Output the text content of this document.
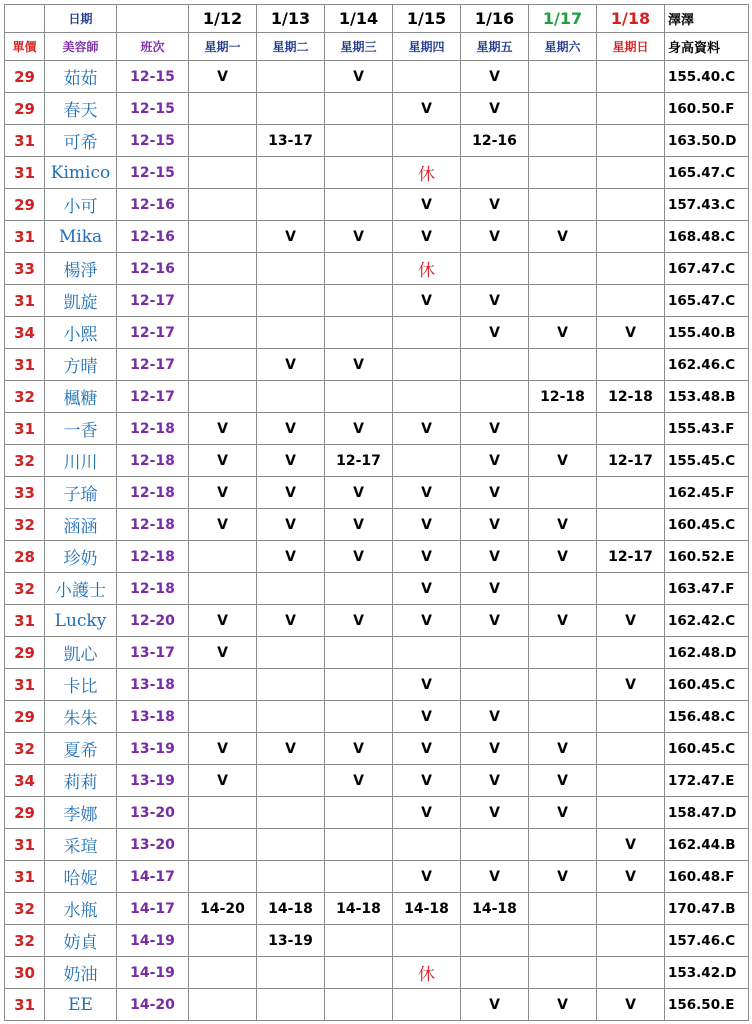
	日期		1/12	1/13	1/14	1/15	1/16	1/17	1/18	澤澤
單價	美容師	班次	星期一	星期二	星期三	星期四	星期五	星期六	星期日	身高資料
29	茹茹	12-15	V		V		V			155.40.C
29	春天	12-15				V	V			160.50.F
31	可希	12-15		13-17			12-16			163.50.D
31	Kimico	12-15				休				165.47.C
29	小可	12-16				V	V			157.43.C
31	Mika	12-16		V	V	V	V	V		168.48.C
33	楊淨	12-16				休				167.47.C
31	凱旋	12-17				V	V			165.47.C
34	小熙	12-17					V	V	V	155.40.B
31	方晴	12-17		V	V					162.46.C
32	楓糖	12-17						12-18	12-18	153.48.B
31	一香	12-18	V	V	V	V	V			155.43.F
32	川川	12-18	V	V	12-17		V	V	12-17	155.45.C
33	子瑜	12-18	V	V	V	V	V			162.45.F
32	涵涵	12-18	V	V	V	V	V	V		160.45.C
28	珍奶	12-18		V	V	V	V	V	12-17	160.52.E
32	小護士	12-18				V	V			163.47.F
31	Lucky	12-20	V	V	V	V	V	V	V	162.42.C
29	凱心	13-17	V							162.48.D
31	卡比	13-18				V			V	160.45.C
29	朱朱	13-18				V	V			156.48.C
32	夏希	13-19	V	V	V	V	V	V		160.45.C
34	莉莉	13-19	V		V	V	V	V		172.47.E
29	李娜	13-20				V	V	V		158.47.D
31	采瑄	13-20							V	162.44.B
31	哈妮	14-17				V	V	V	V	160.48.F
32	水瓶	14-17	14-20	14-18	14-18	14-18	14-18			170.47.B
32	妨貞	14-19		13-19						157.46.C
30	奶油	14-19				休				153.42.D
31	EE	14-20					V	V	V	156.50.E
